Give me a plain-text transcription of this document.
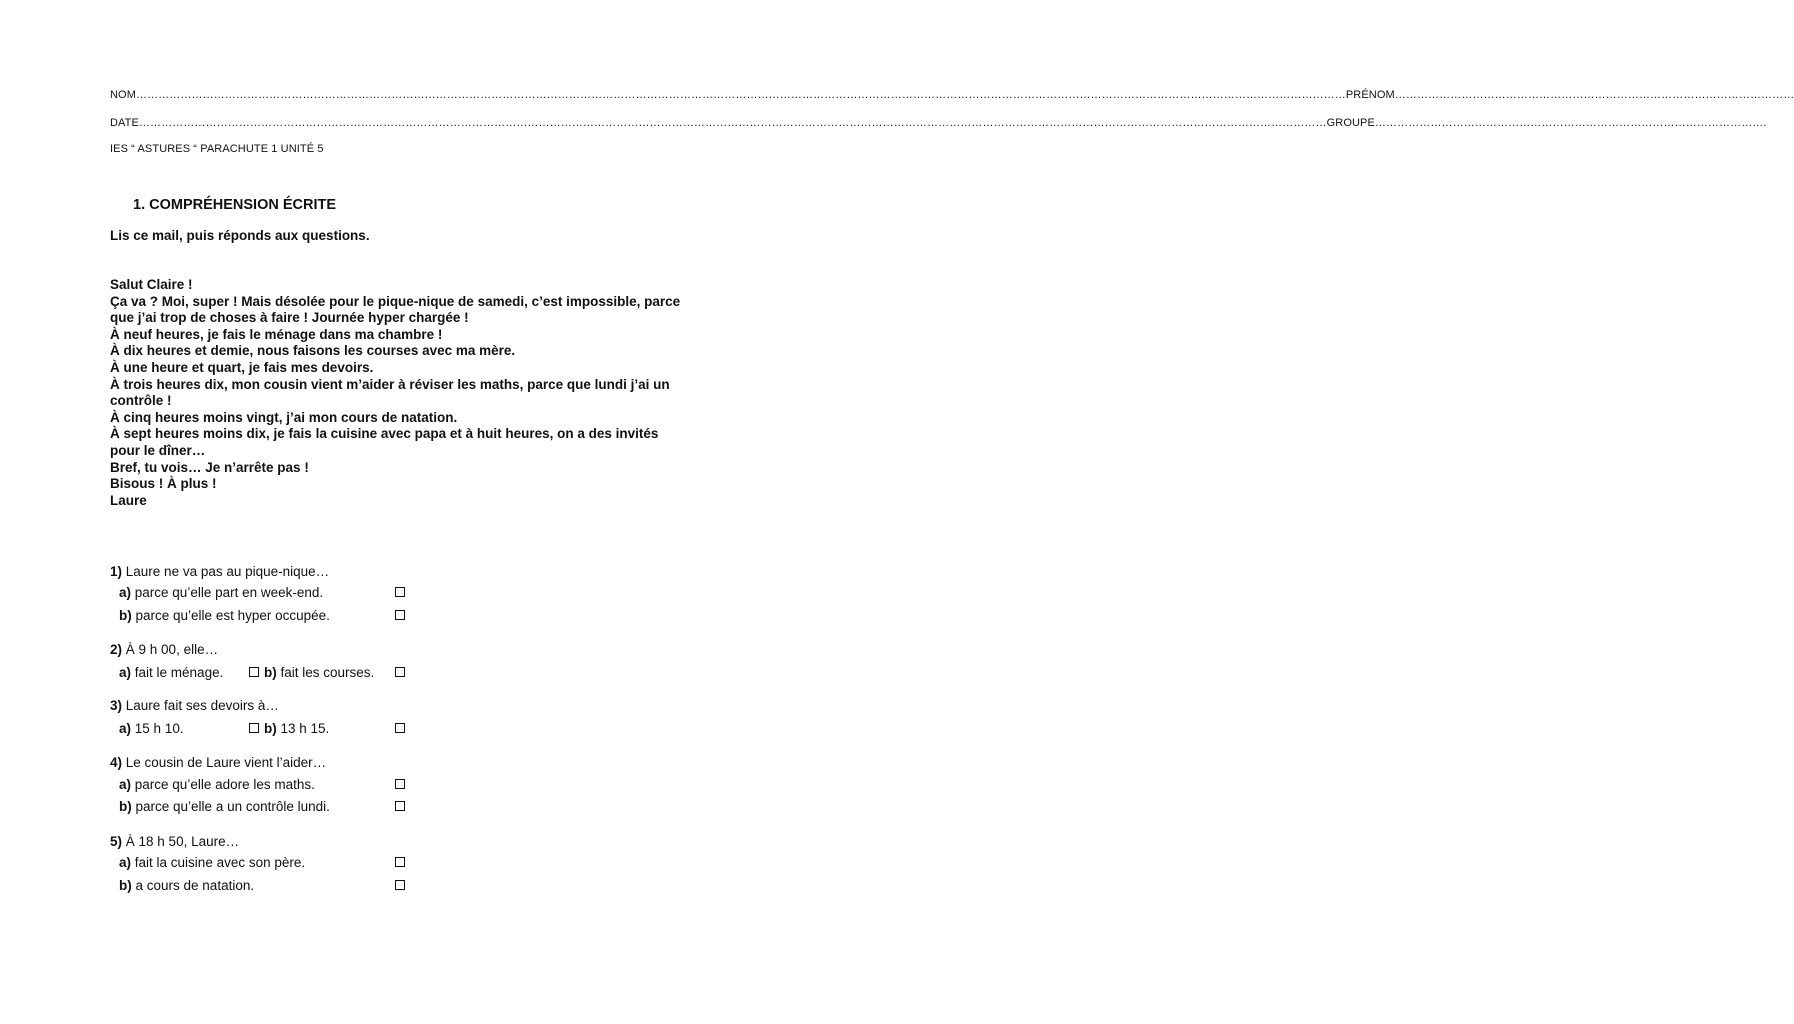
NOM…………………………………………………………………………………………………………………………………………………………………………………………………………………………………………………………………………………………………PRÉNOM………………………………………………………………………………………………
DATE……………………………………………………………………………………………………………………………………………………………………………………………………………………………………………………………………………………………GROUPE…………………………………………………………………………………………….
IES “ ASTURES “ PARACHUTE 1 UNITÉ 5
1. COMPRÉHENSION ÉCRITE
Lis ce mail, puis réponds aux questions.
Salut Claire !
Ça va ? Moi, super ! Mais désolée pour le pique-nique de samedi, c’est impossible, parce
que j’ai trop de choses à faire ! Journée hyper chargée !
À neuf heures, je fais le ménage dans ma chambre !
À dix heures et demie, nous faisons les courses avec ma mère.
À une heure et quart, je fais mes devoirs.
À trois heures dix, mon cousin vient m’aider à réviser les maths, parce que lundi j’ai un
contrôle !
À cinq heures moins vingt, j’ai mon cours de natation.
À sept heures moins dix, je fais la cuisine avec papa et à huit heures, on a des invités
pour le dîner…
Bref, tu vois… Je n’arrête pas !
Bisous ! À plus !
Laure
1) Laure ne va pas au pique-nique…
a) parce qu’elle part en week-end.
b) parce qu’elle est hyper occupée.
2) À 9 h 00, elle…
a) fait le ménage.	b) fait les courses.
3) Laure fait ses devoirs à…
a) 15 h 10.	b) 13 h 15.
4) Le cousin de Laure vient l’aider…
a) parce qu’elle adore les maths.
b) parce qu’elle a un contrôle lundi.
5) À 18 h 50, Laure…
a) fait la cuisine avec son père.
b) a cours de natation.
